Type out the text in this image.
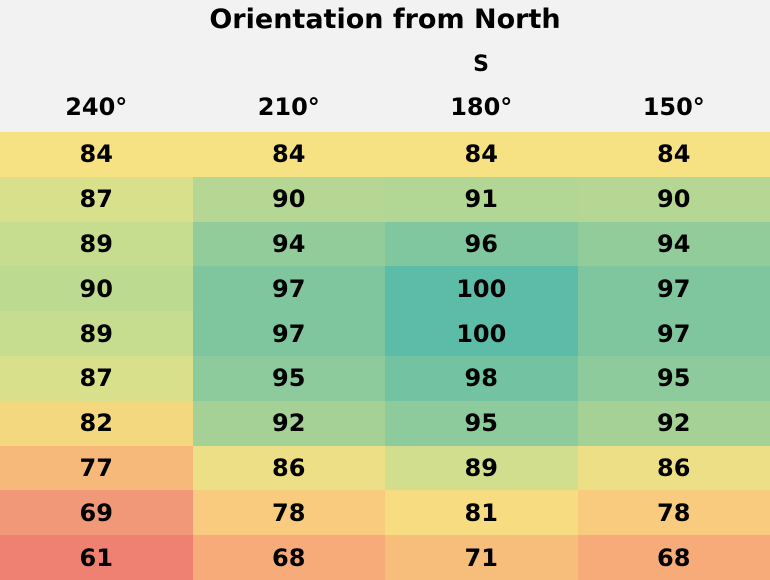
Orientation from North
S
240°	210°	180°	150°
84	84	84	84
87	90	91	90
89	94	96	94
90	97	100	97
89	97	100	97
87	95	98	95
82	92	95	92
77	86	89	86
69	78	81	78
61	68	71	68
